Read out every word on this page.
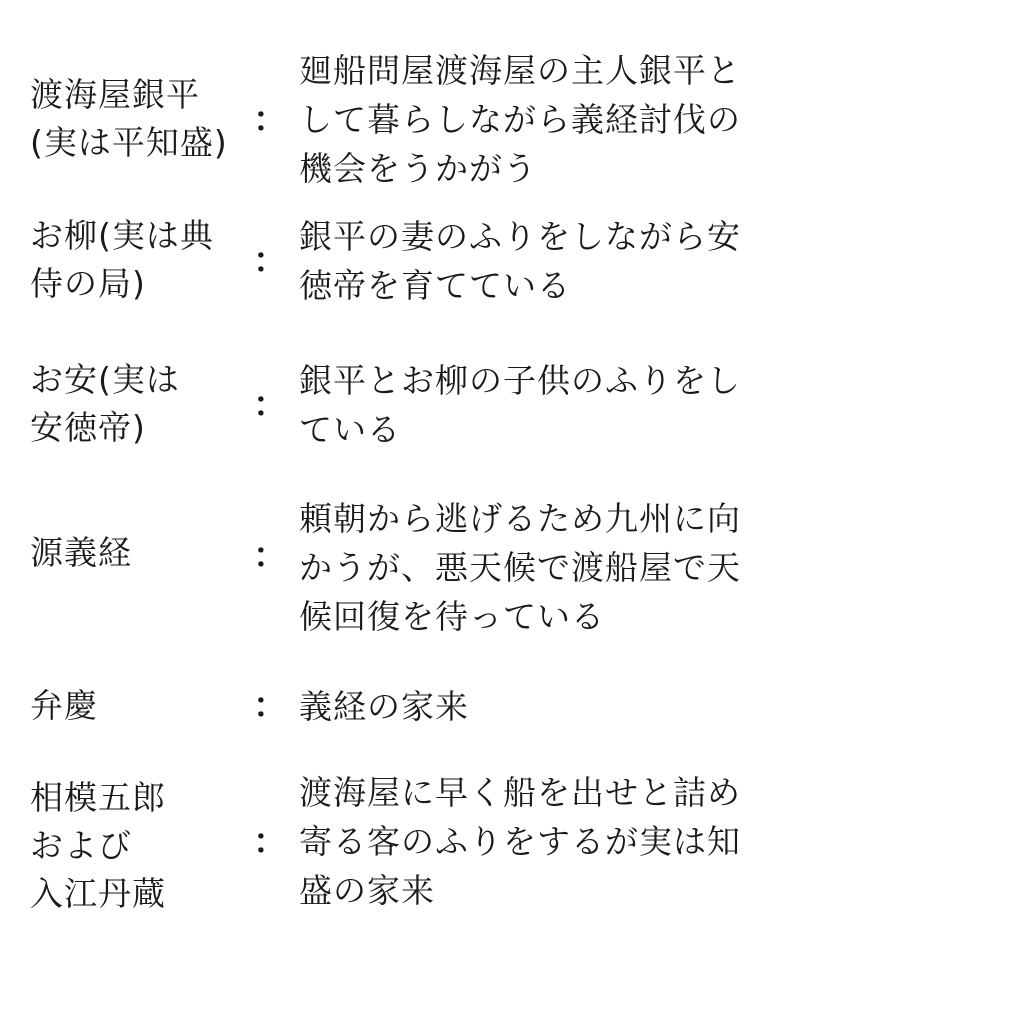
渡海屋銀平
(実は平知盛)
：
廻船問屋渡海屋の主人銀平と
して暮らしながら義経討伐の
機会をうかがう
お柳(実は典
侍の局)
：
銀平の妻のふりをしながら安
徳帝を育てている
お安(実は
安徳帝)
：
銀平とお柳の子供のふりをし
ている
源義経	：
頼朝から逃げるため九州に向
かうが、悪天候で渡船屋で天
候回復を待っている
弁慶	： 義経の家来
相模五郎
および
入江丹蔵
：
渡海屋に早く船を出せと詰め
寄る客のふりをするが実は知
盛の家来
